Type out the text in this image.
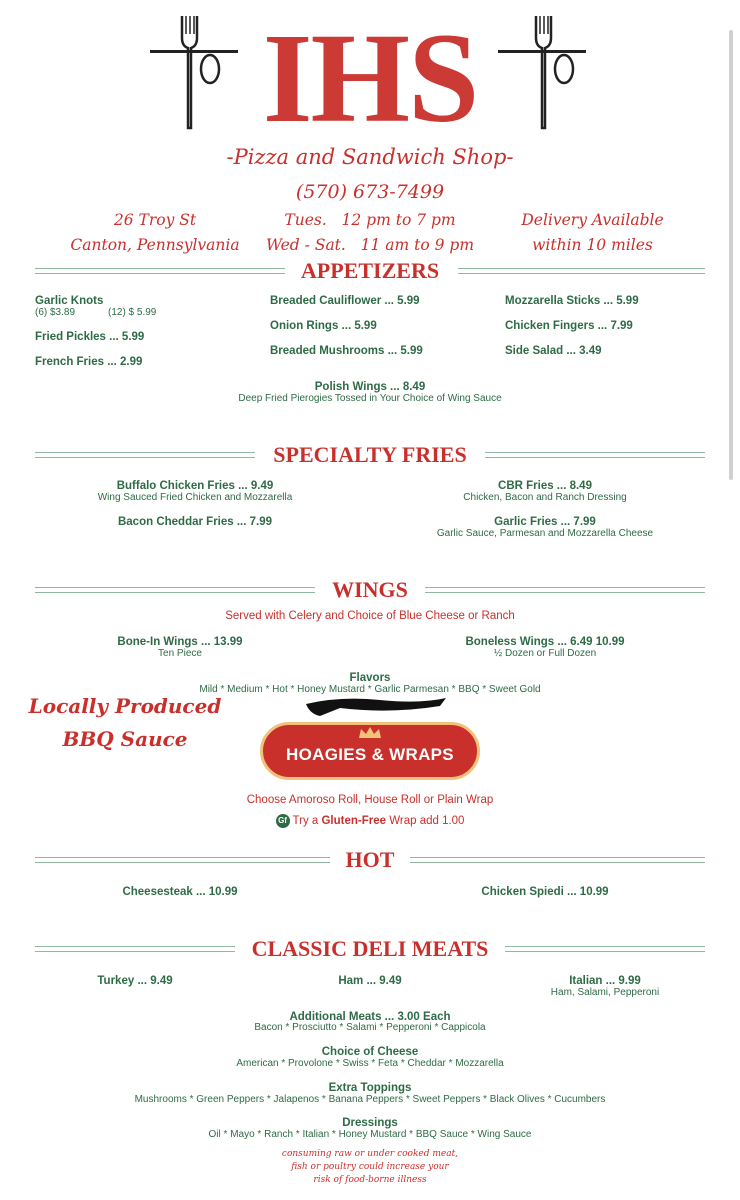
IHS
-Pizza and Sandwich Shop-
(570) 673-7499
26 Troy St
Canton, Pennsylvania
Tues.   12 pm to 7 pm
Wed - Sat.   11 am to 9 pm
Delivery Available
within 10 miles
APPETIZERS
Garlic Knots
(6) $3.89	(12) $ 5.99
Fried Pickles ... 5.99
French Fries ... 2.99
Breaded Cauliflower ... 5.99
Onion Rings ... 5.99
Breaded Mushrooms ... 5.99
Mozzarella Sticks ... 5.99
Chicken Fingers ... 7.99
Side Salad ... 3.49
Polish Wings ... 8.49
Deep Fried Pierogies Tossed in Your Choice of Wing Sauce
SPECIALTY FRIES
Buffalo Chicken Fries ... 9.49
Wing Sauced Fried Chicken and Mozzarella
Bacon Cheddar Fries ... 7.99
CBR Fries ... 8.49
Chicken, Bacon and Ranch Dressing
Garlic Fries ... 7.99
Garlic Sauce, Parmesan and Mozzarella Cheese
WINGS
Served with Celery and Choice of Blue Cheese or Ranch
Bone-In Wings ... 13.99
Ten Piece
Boneless Wings ... 6.49 10.99
½ Dozen or Full Dozen
Flavors
Mild * Medium * Hot * Honey Mustard * Garlic Parmesan * BBQ * Sweet Gold
Locally Produced
BBQ Sauce
HOAGIES & WRAPS
Choose Amoroso Roll, House Roll or Plain Wrap
Gf Try a Gluten-Free Wrap add 1.00
HOT
Cheesesteak ... 10.99	Chicken Spiedi ... 10.99
CLASSIC DELI MEATS
Turkey ... 9.49	Ham ... 9.49	Italian ... 9.99
Ham, Salami, Pepperoni
Additional Meats ... 3.00 Each
Bacon * Prosciutto * Salami * Pepperoni * Cappicola
Choice of Cheese
American * Provolone * Swiss * Feta * Cheddar * Mozzarella
Extra Toppings
Mushrooms * Green Peppers * Jalapenos * Banana Peppers * Sweet Peppers * Black Olives * Cucumbers
Dressings
Oil * Mayo * Ranch * Italian * Honey Mustard * BBQ Sauce * Wing Sauce
consuming raw or under cooked meat,
fish or poultry could increase your
risk of food-borne illness
